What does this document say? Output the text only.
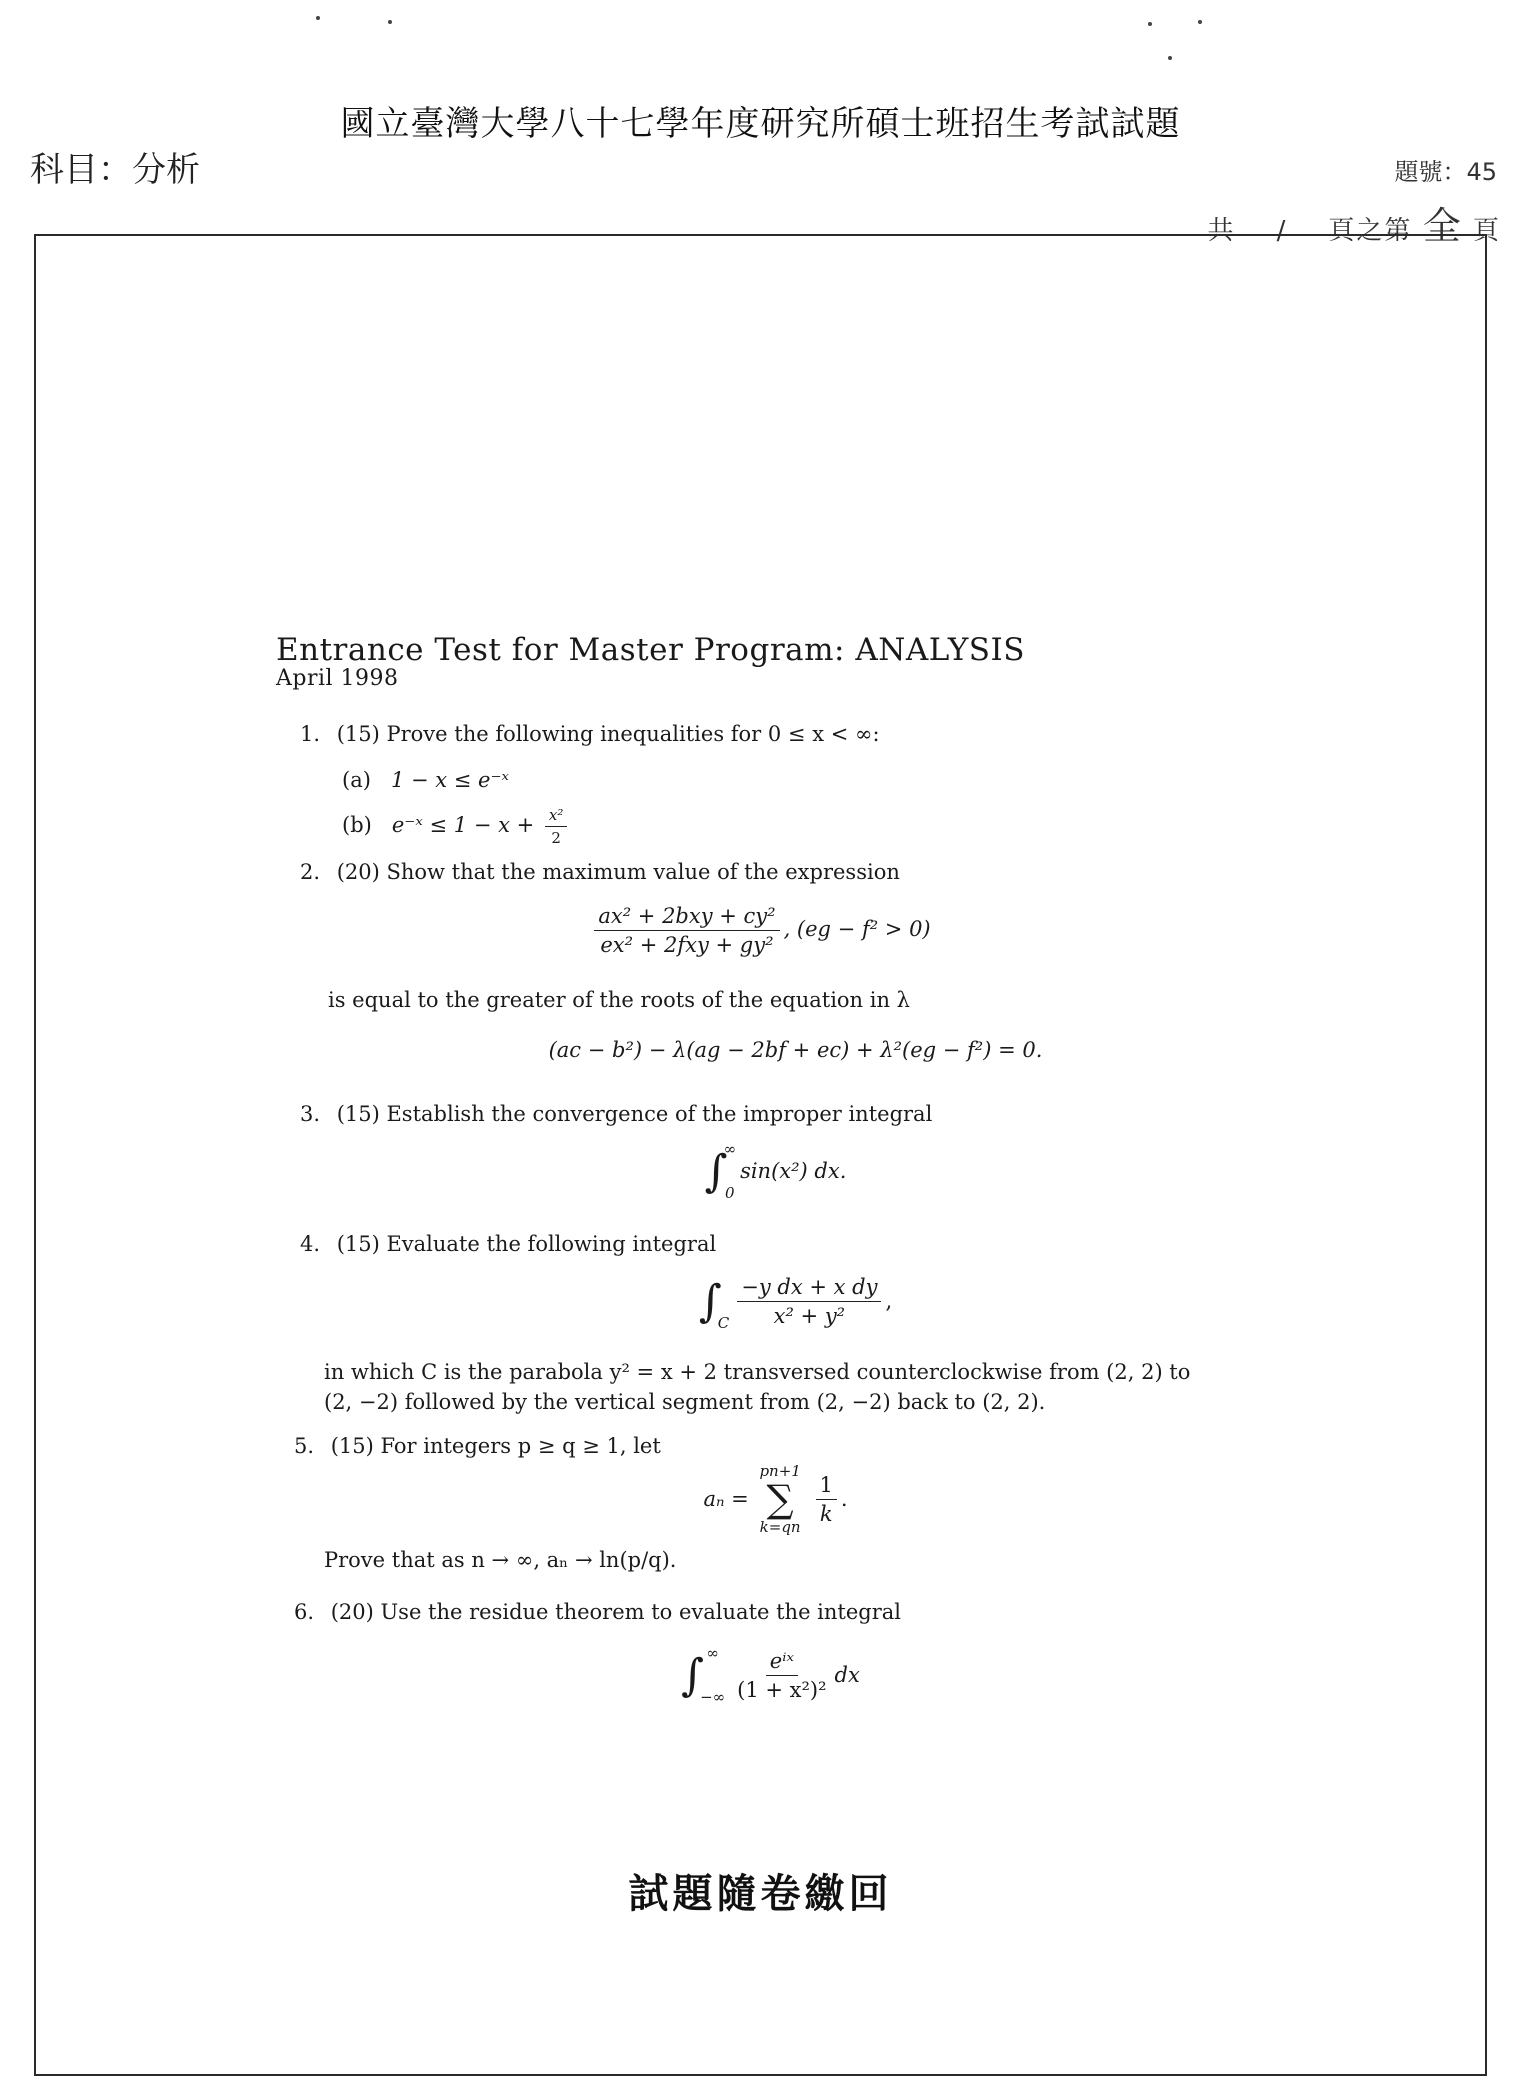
國立臺灣大學八十七學年度研究所碩士班招生考試試題
科目：分析	題號：45
共 / 頁之第 全 頁
Entrance Test for Master Program: ANALYSIS
April 1998
1. (15) Prove the following inequalities for 0 ≤ x < ∞:
(a) 1 − x ≤ e⁻ˣ
(b) e⁻ˣ ≤ $1 - x + \frac{\text{x²}}{2}$
2. (20) Show that the maximum value of the expression
$\frac{\text{ax² + 2bxy + cy²}}{\text{ex² + 2fxy + gy²}}$ , (eg − f² > 0)
is equal to the greater of the roots of the equation in λ
(ac − b²) − λ(ag − 2bf + ec) + λ²(eg − f²) = 0.
3. (15) Establish the convergence of the improper integral
∫
∞
0
sin(x²) dx.
4. (15) Evaluate the following integral
∫
C $\frac{\text{−y dx + x dy}}{\text{x² + y²}}$ ,
in which C is the parabola y² = x + 2 transversed counterclockwise from (2, 2) to
(2, −2) followed by the vertical segment from (2, −2) back to (2, 2).
5. (15) For integers p ≥ q ≥ 1, let
aₙ =
pn+1
∑
k=qn

$\frac{1}{k}$ .
Prove that as n → ∞, aₙ → ln(p/q).
6. (20) Use the residue theorem to evaluate the integral
∫ ∞
−∞ $\frac{\text{eⁱˣ}}{\text{(1 + x²)²}}$ dx
試題隨卷繳回
